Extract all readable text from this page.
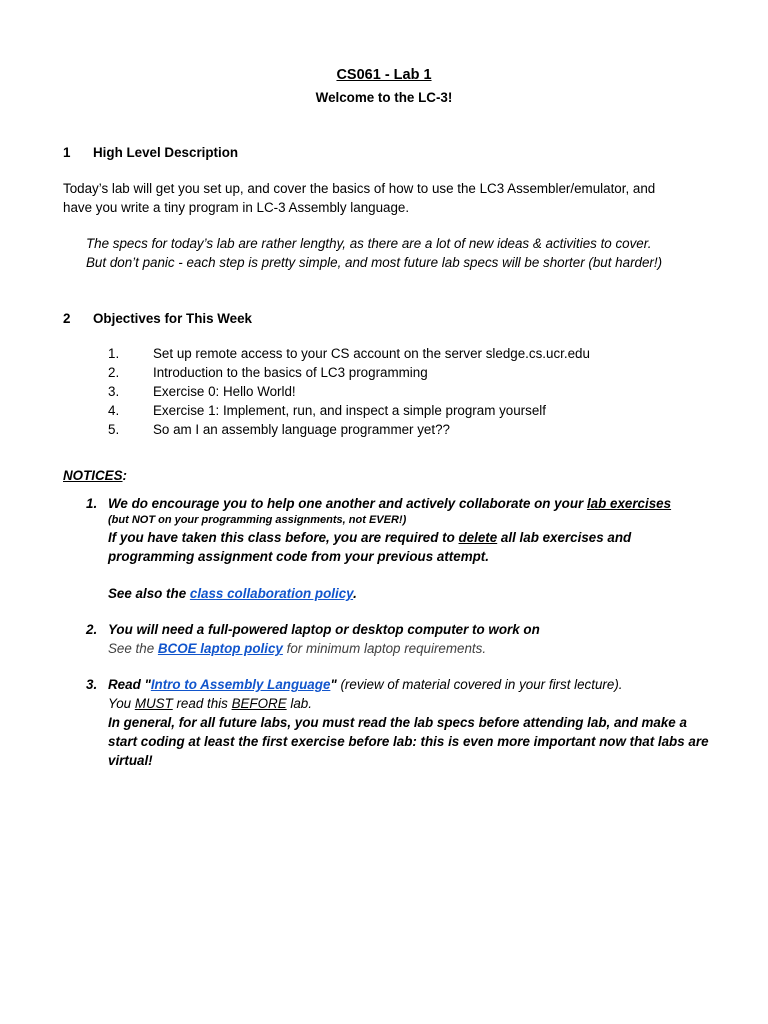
CS061 - Lab 1
Welcome to the LC-3!
1 High Level Description
Today’s lab will get you set up, and cover the basics of how to use the LC3 Assembler/emulator, and
have you write a tiny program in LC-3 Assembly language.
The specs for today’s lab are rather lengthy, as there are a lot of new ideas & activities to cover.
But don’t panic - each step is pretty simple, and most future lab specs will be shorter (but harder!)
2 Objectives for This Week
1.	Set up remote access to your CS account on the server sledge.cs.ucr.edu
2.	Introduction to the basics of LC3 programming
3.	Exercise 0: Hello World!
4.	Exercise 1: Implement, run, and inspect a simple program yourself
5.	So am I an assembly language programmer yet??
NOTICES:
1. We do encourage you to help one another and actively collaborate on your lab exercises
(but NOT on your programming assignments, not EVER!)
If you have taken this class before, you are required to delete all lab exercises and
programming assignment code from your previous attempt.
See also the class collaboration policy.
2. You will need a full-powered laptop or desktop computer to work on
See the BCOE laptop policy for minimum laptop requirements.
3. Read "Intro to Assembly Language" (review of material covered in your first lecture).
You MUST read this BEFORE lab.
In general, for all future labs, you must read the lab specs before attending lab, and make a
start coding at least the first exercise before lab: this is even more important now that labs are
virtual!
